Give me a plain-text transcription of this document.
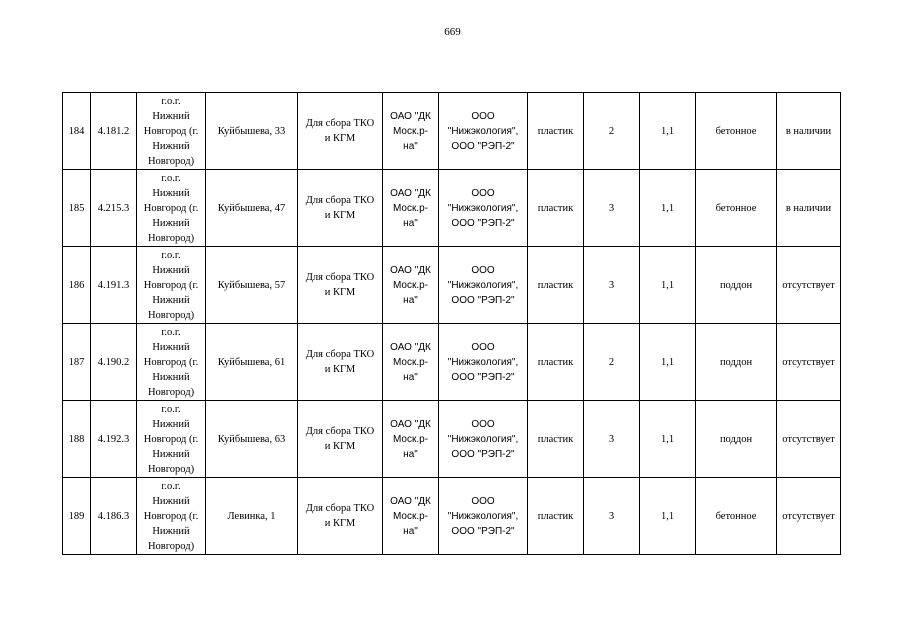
669
184	4.181.2	г.о.г.
Нижний
Новгород (г.
Нижний
Новгород)	Куйбышева, 33	Для сбора ТКО
и КГМ	ОАО "ДК
Моск.р-
на"	ООО
"Нижэкология",
ООО "РЭП-2"	пластик	2	1,1	бетонное	в наличии
185	4.215.3	г.о.г.
Нижний
Новгород (г.
Нижний
Новгород)	Куйбышева, 47	Для сбора ТКО
и КГМ	ОАО "ДК
Моск.р-
на"	ООО
"Нижэкология",
ООО "РЭП-2"	пластик	3	1,1	бетонное	в наличии
186	4.191.3	г.о.г.
Нижний
Новгород (г.
Нижний
Новгород)	Куйбышева, 57	Для сбора ТКО
и КГМ	ОАО "ДК
Моск.р-
на"	ООО
"Нижэкология",
ООО "РЭП-2"	пластик	3	1,1	поддон	отсутствует
187	4.190.2	г.о.г.
Нижний
Новгород (г.
Нижний
Новгород)	Куйбышева, 61	Для сбора ТКО
и КГМ	ОАО "ДК
Моск.р-
на"	ООО
"Нижэкология",
ООО "РЭП-2"	пластик	2	1,1	поддон	отсутствует
188	4.192.3	г.о.г.
Нижний
Новгород (г.
Нижний
Новгород)	Куйбышева, 63	Для сбора ТКО
и КГМ	ОАО "ДК
Моск.р-
на"	ООО
"Нижэкология",
ООО "РЭП-2"	пластик	3	1,1	поддон	отсутствует
189	4.186.3	г.о.г.
Нижний
Новгород (г.
Нижний
Новгород)	Левинка, 1	Для сбора ТКО
и КГМ	ОАО "ДК
Моск.р-
на"	ООО
"Нижэкология",
ООО "РЭП-2"	пластик	3	1,1	бетонное	отсутствует
